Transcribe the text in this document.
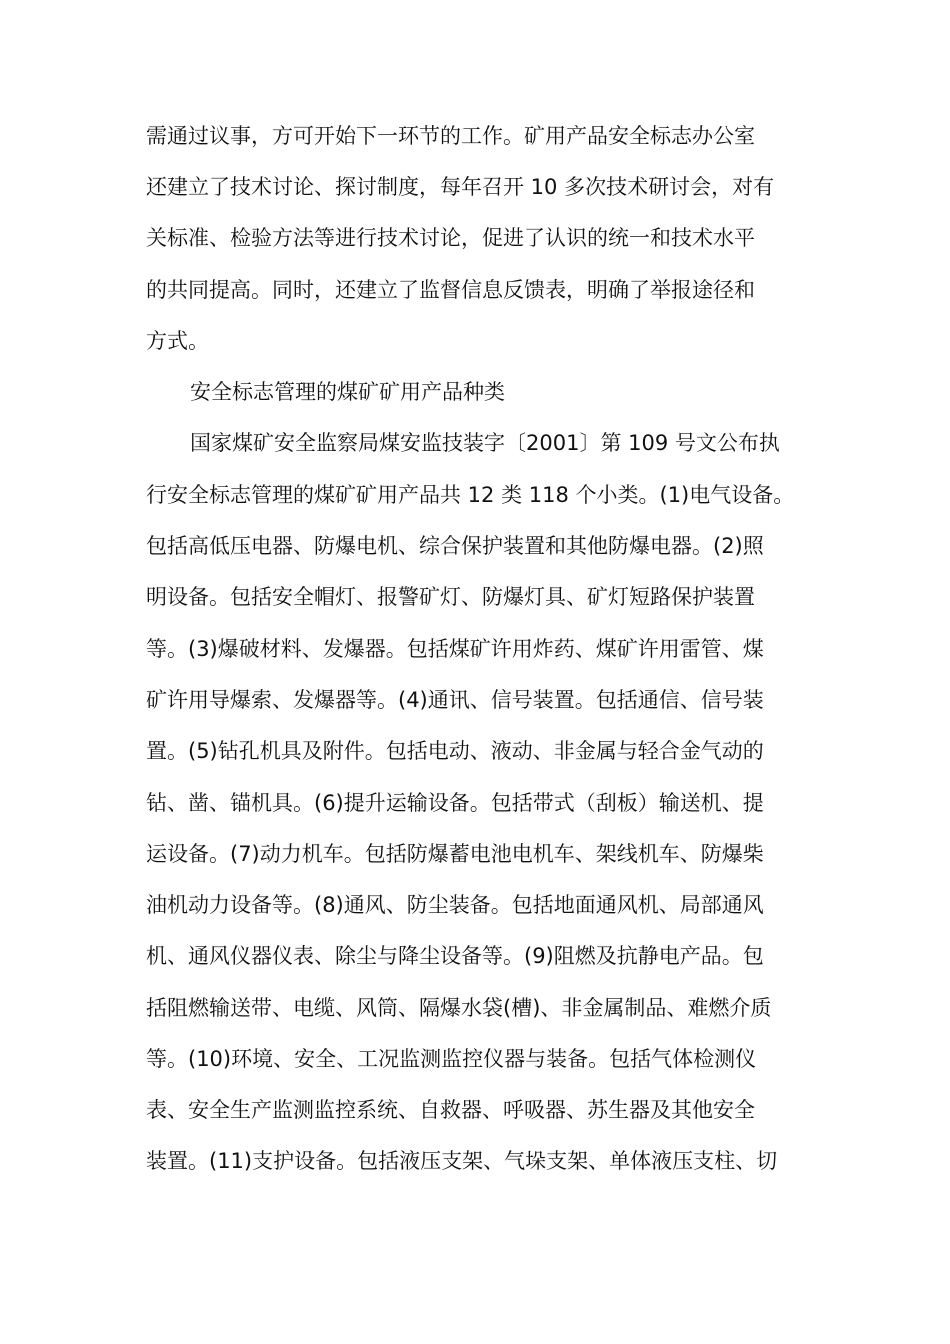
需通过议事，方可开始下一环节的工作。矿用产品安全标志办公室

还建立了技术讨论、探讨制度，每年召开 10 多次技术研讨会，对有

关标准、检验方法等进行技术讨论，促进了认识的统一和技术水平

的共同提高。同时，还建立了监督信息反馈表，明确了举报途径和

方式。

安全标志管理的煤矿矿用产品种类

国家煤矿安全监察局煤安监技装字〔2001〕第 109 号文公布执

行安全标志管理的煤矿矿用产品共 12 类 118 个小类。(1)电气设备。

包括高低压电器、防爆电机、综合保护装置和其他防爆电器。(2)照

明设备。包括安全帽灯、报警矿灯、防爆灯具、矿灯短路保护装置

等。(3)爆破材料、发爆器。包括煤矿许用炸药、煤矿许用雷管、煤

矿许用导爆索、发爆器等。(4)通讯、信号装置。包括通信、信号装

置。(5)钻孔机具及附件。包括电动、液动、非金属与轻合金气动的

钻、凿、锚机具。(6)提升运输设备。包括带式（刮板）输送机、提

运设备。(7)动力机车。包括防爆蓄电池电机车、架线机车、防爆柴

油机动力设备等。(8)通风、防尘装备。包括地面通风机、局部通风

机、通风仪器仪表、除尘与降尘设备等。(9)阻燃及抗静电产品。包

括阻燃输送带、电缆、风筒、隔爆水袋(槽)、非金属制品、难燃介质

等。(10)环境、安全、工况监测监控仪器与装备。包括气体检测仪

表、安全生产监测监控系统、自救器、呼吸器、苏生器及其他安全

装置。(11)支护设备。包括液压支架、气垛支架、单体液压支柱、切
